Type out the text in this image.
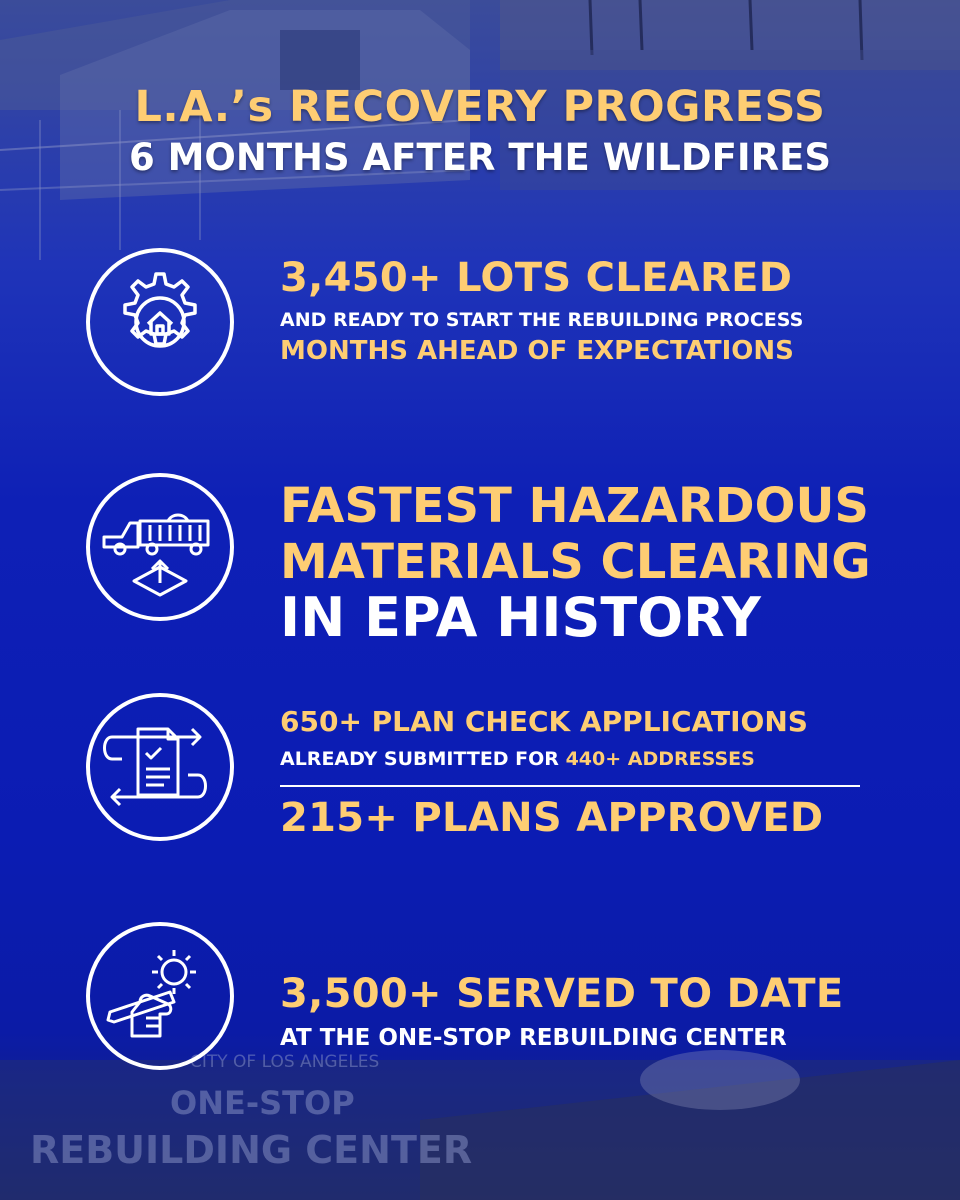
CITY OF LOS ANGELES
ONE-STOP
REBUILDING CENTER
L.A.’s RECOVERY PROGRESS
6 MONTHS AFTER THE WILDFIRES
3,450+ LOTS CLEARED
AND READY TO START THE REBUILDING PROCESS
MONTHS AHEAD OF EXPECTATIONS
FASTEST HAZARDOUS
MATERIALS CLEARING
IN EPA HISTORY
650+ PLAN CHECK APPLICATIONS
ALREADY SUBMITTED FOR 440+ ADDRESSES
215+ PLANS APPROVED
3,500+ SERVED TO DATE
AT THE ONE-STOP REBUILDING CENTER
